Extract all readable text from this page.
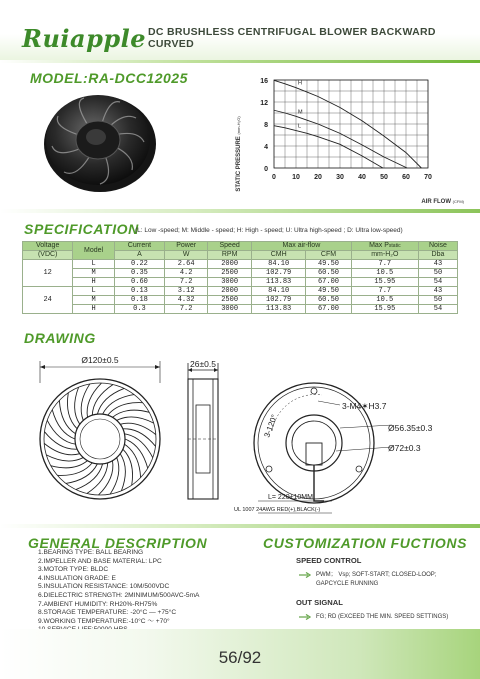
Ruiapple DC BRUSHLESS CENTRIFUGAL BLOWER BACKWARD CURVED
MODEL:RA-DCC12025
0 10 20 30 40 50 60 70
0
4
8
12
16	H
M
L
STATIC PRESSURE (mm-H₂O)
AIR FLOW (CFM)
SPECIFICATION
(L: Low -speed; M: Middle - speed; H: High - speed; U: Ultra high-speed ; D: Ultra low-speed)
Voltage	Model	Current	Power	Speed	Max air-flow		Max Pstatic	Noise
(VDC)		A	W	RPM	CMH	CFM	mm-H₂O	Dba
12	L	0.22	2.64	2000	84.10	49.50	7.7	43
	M	0.35	4.2	2500	102.79	60.50	10.5	50
	H	0.60	7.2	3000	113.83	67.00	15.95	54
24	L	0.13	3.12	2000	84.10	49.50	7.7	43
	M	0.18	4.32	2500	102.79	60.50	10.5	50
	H	0.3	7.2	3000	113.83	67.00	15.95	54
DRAWING
Ø120±0.5	26±0.5
3-120°
3-M4✶H3.7
Ø56.35±0.3
Ø72±0.3
L= 220±10MM
UL 1007 24AWG RED(+),BLACK(-)
GENERAL DESCRIPTION
1.BEARING TYPE: BALL BEARING
2.IMPELLER AND BASE MATERIAL: LPC
3.MOTOR TYPE: BLDC
4.INSULATION GRADE: E
5.INSULATION RESISTANCE: 10M/500VDC
6.DIELECTRIC STRENGTH: 2MINIMUM/500AVC-5mA
7.AMBIENT HUMIDITY: RH20%-RH75%
8.STORAGE TEMPERATURE: -20°C — +75°C
9.WORKING TEMPERATURE:-10°C 〜 +70°
CUSTOMIZATION FUCTIONS
SPEED CONTROL
PWM； Vsp; SOFT-START; CLOSED-LOOP;
GAPCYCLE RUNNING
OUT SIGNAL
FG; RD (EXCEED THE MIN. SPEED SETTINGS)
56/92
